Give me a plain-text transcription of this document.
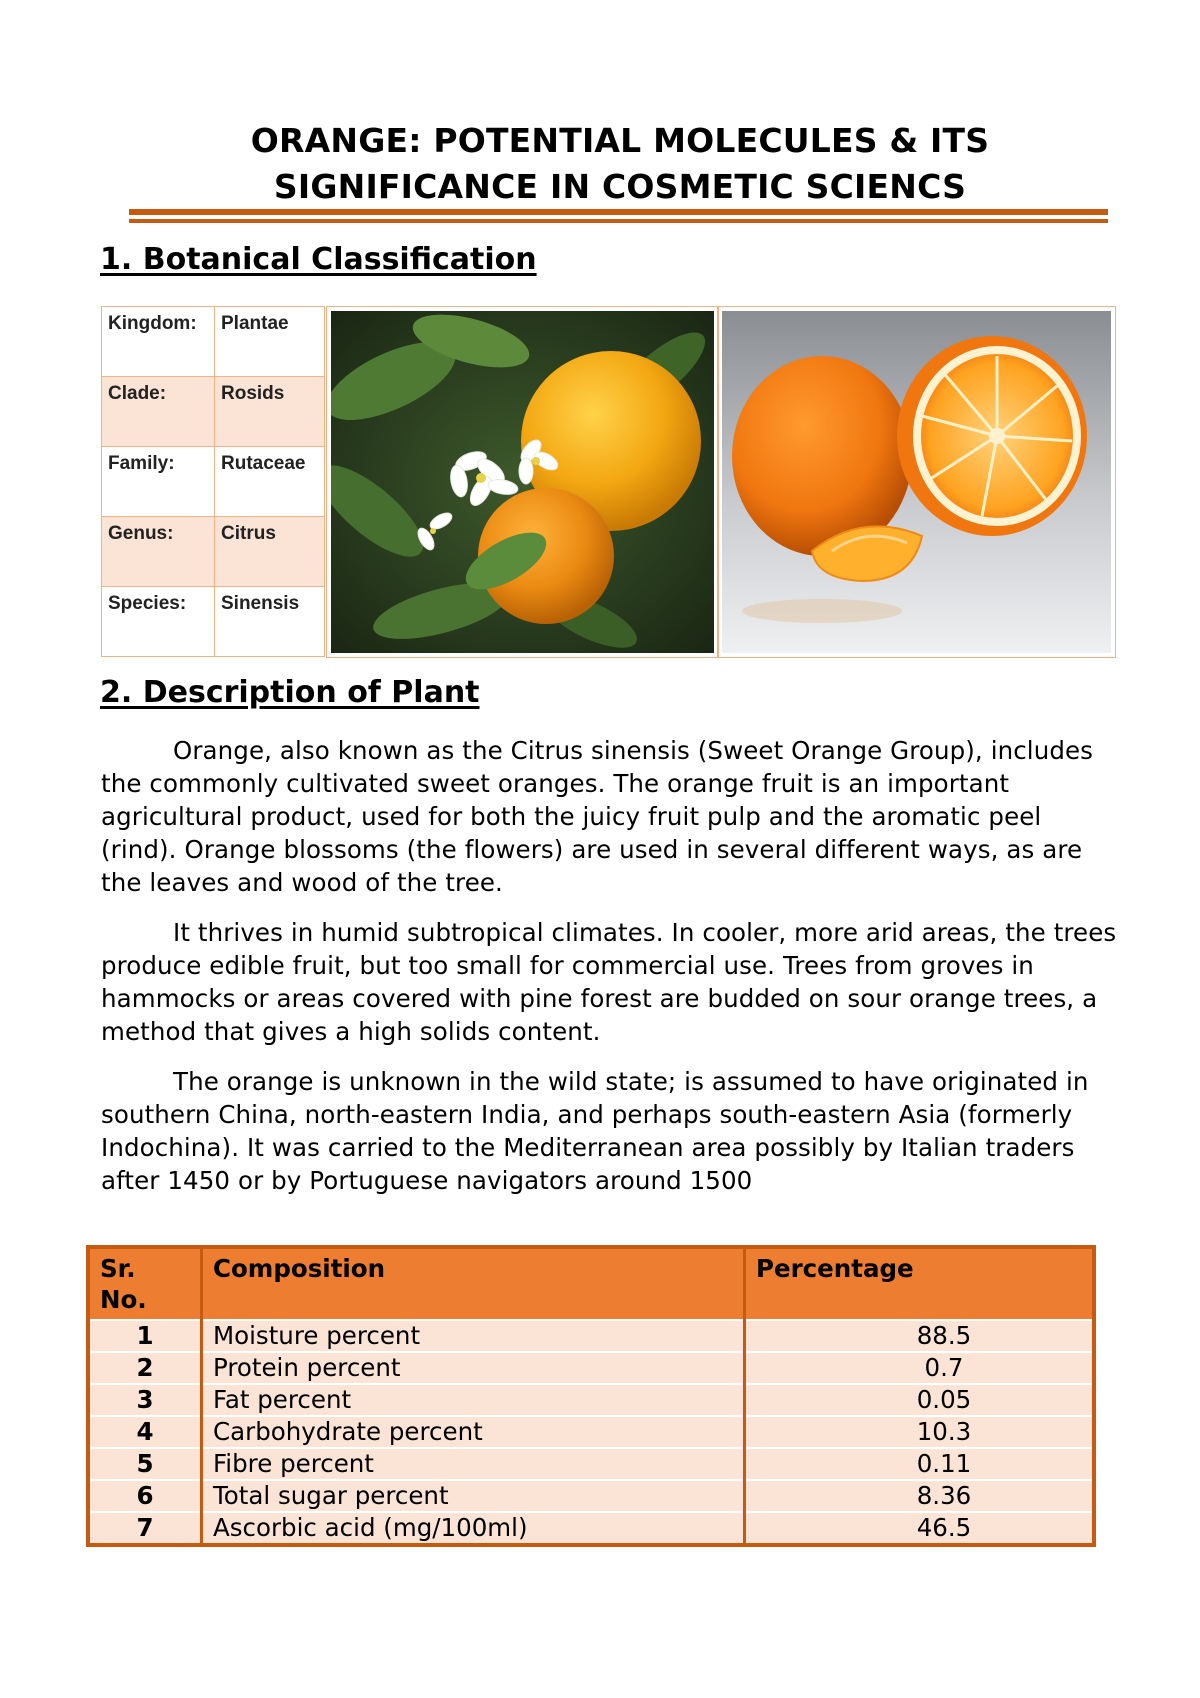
ORANGE: POTENTIAL MOLECULES & ITS
SIGNIFICANCE IN COSMETIC SCIENCS
1. Botanical Classification
Kingdom:	Plantae
Clade:	Rosids
Family:	Rutaceae
Genus:	Citrus
Species:	Sinensis
2. Description of Plant

Orange, also known as the Citrus sinensis (Sweet Orange Group), includes the commonly cultivated sweet oranges. The orange fruit is an important agricultural product, used for both the juicy fruit pulp and the aromatic peel (rind). Orange blossoms (the flowers) are used in several different ways, as are the leaves and wood of the tree.

It thrives in humid subtropical climates. In cooler, more arid areas, the trees produce edible fruit, but too small for commercial use. Trees from groves in hammocks or areas covered with pine forest are budded on sour orange trees, a method that gives a high solids content.

The orange is unknown in the wild state; is assumed to have originated in southern China, north-eastern India, and perhaps south-eastern Asia (formerly Indochina). It was carried to the Mediterranean area possibly by Italian traders after 1450 or by Portuguese navigators around 1500

Sr. No.	Composition	Percentage
1	Moisture percent	88.5
2	Protein percent	0.7
3	Fat percent	0.05
4	Carbohydrate percent	10.3
5	Fibre percent	0.11
6	Total sugar percent	8.36
7	Ascorbic acid (mg/100ml)	46.5
